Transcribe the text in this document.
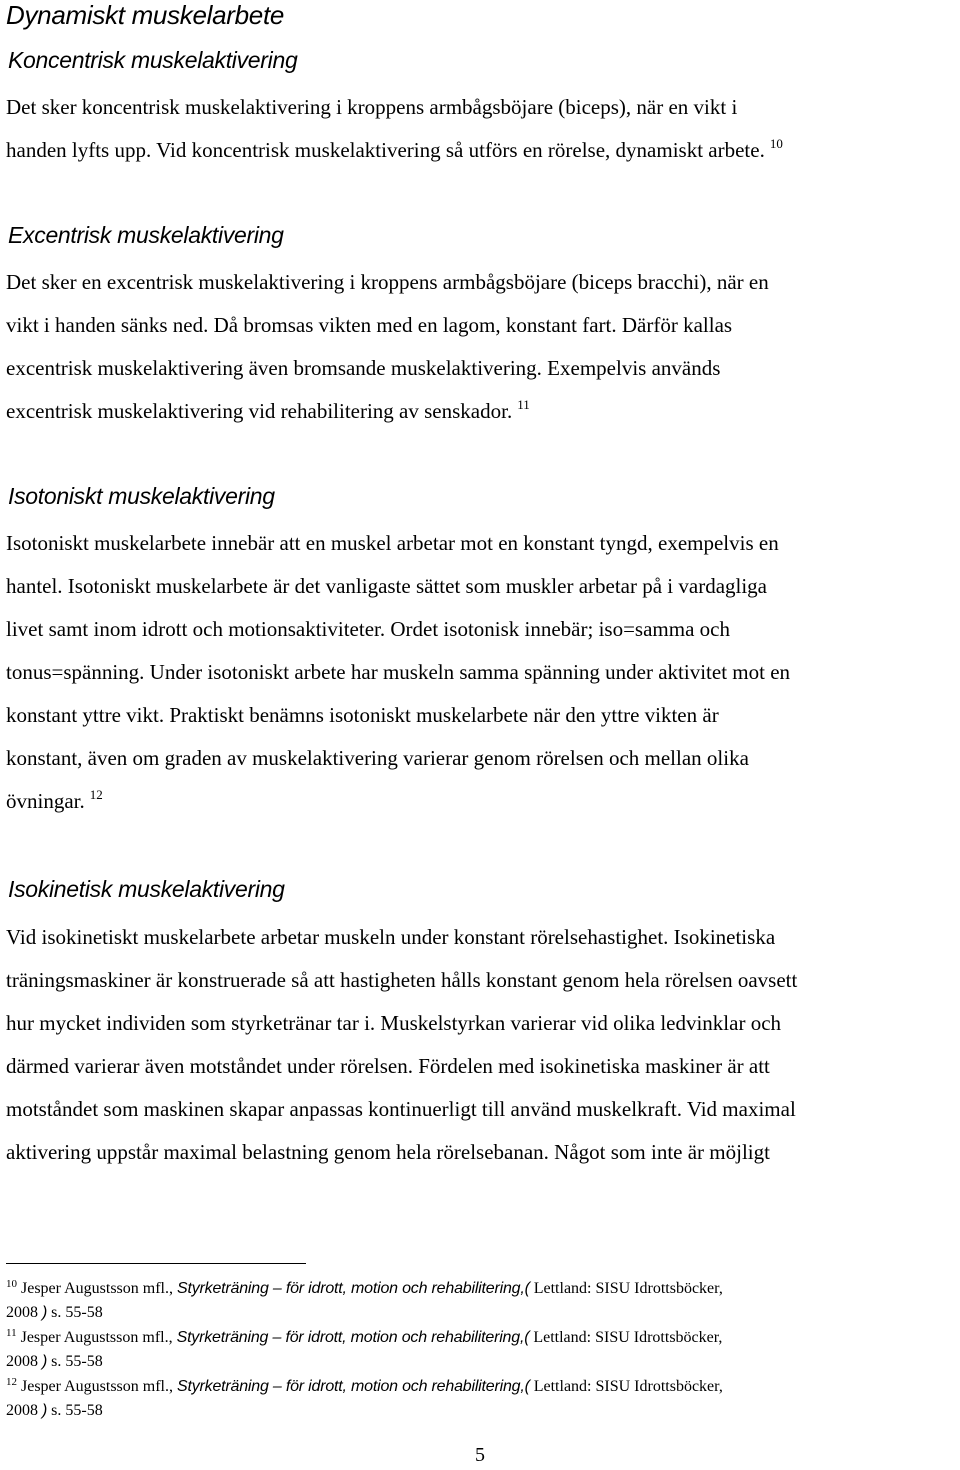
Dynamiskt muskelarbete
Koncentrisk muskelaktivering
Det sker koncentrisk muskelaktivering i kroppens armbågsböjare (biceps), när en vikt i
handen lyfts upp. Vid koncentrisk muskelaktivering så utförs en rörelse, dynamiskt arbete. $^{10}$
Excentrisk muskelaktivering
Det sker en excentrisk muskelaktivering i kroppens armbågsböjare (biceps bracchi), när en
vikt i handen sänks ned. Då bromsas vikten med en lagom, konstant fart. Därför kallas
excentrisk muskelaktivering även bromsande muskelaktivering. Exempelvis används
excentrisk muskelaktivering vid rehabilitering av senskador. $^{11}$
Isotoniskt muskelaktivering
Isotoniskt muskelarbete innebär att en muskel arbetar mot en konstant tyngd, exempelvis en
hantel. Isotoniskt muskelarbete är det vanligaste sättet som muskler arbetar på i vardagliga
livet samt inom idrott och motionsaktiviteter. Ordet isotonisk innebär; iso=samma och
tonus=spänning. Under isotoniskt arbete har muskeln samma spänning under aktivitet mot en
konstant yttre vikt. Praktiskt benämns isotoniskt muskelarbete när den yttre vikten är
konstant, även om graden av muskelaktivering varierar genom rörelsen och mellan olika
övningar. $^{12}$
Isokinetisk muskelaktivering
Vid isokinetiskt muskelarbete arbetar muskeln under konstant rörelsehastighet. Isokinetiska
träningsmaskiner är konstruerade så att hastigheten hålls konstant genom hela rörelsen oavsett
hur mycket individen som styrketränar tar i. Muskelstyrkan varierar vid olika ledvinklar och
därmed varierar även motståndet under rörelsen. Fördelen med isokinetiska maskiner är att
motståndet som maskinen skapar anpassas kontinuerligt till använd muskelkraft. Vid maximal
aktivering uppstår maximal belastning genom hela rörelsebanan. Något som inte är möjligt
$^{10}$ Jesper Augustsson mfl., Styrketräning – för idrott, motion och rehabilitering,( Lettland: SISU Idrottsböcker,
2008 ) s. 55-58
$^{11}$ Jesper Augustsson mfl., Styrketräning – för idrott, motion och rehabilitering,( Lettland: SISU Idrottsböcker,
2008 ) s. 55-58
$^{12}$ Jesper Augustsson mfl., Styrketräning – för idrott, motion och rehabilitering,( Lettland: SISU Idrottsböcker,
2008 ) s. 55-58
5
